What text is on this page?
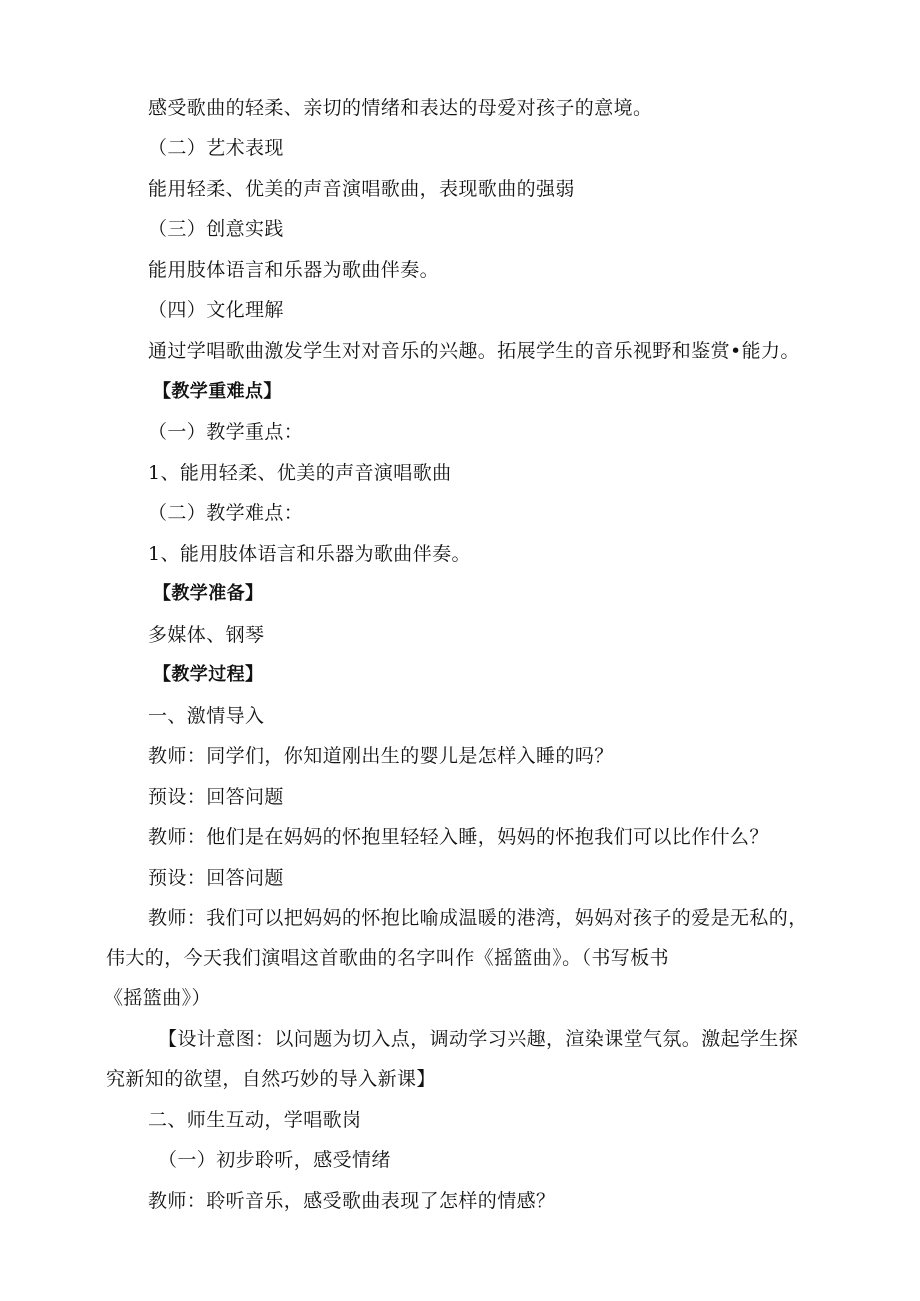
感受歌曲的轻柔、亲切的情绪和表达的母爱对孩子的意境。
（二）艺术表现
能用轻柔、优美的声音演唱歌曲，表现歌曲的强弱
（三）创意实践
能用肢体语言和乐器为歌曲伴奏。
（四）文化理解
通过学唱歌曲激发学生对对音乐的兴趣。拓展学生的音乐视野和鉴赏•能力。
【教学重难点】
（一）教学重点：
1、能用轻柔、优美的声音演唱歌曲
（二）教学难点：
1、能用肢体语言和乐器为歌曲伴奏。
【教学准备】
多媒体、钢琴
【教学过程】
一、激情导入
教师：同学们，你知道刚出生的婴儿是怎样入睡的吗？
预设：回答问题
教师：他们是在妈妈的怀抱里轻轻入睡，妈妈的怀抱我们可以比作什么？
预设：回答问题
教师：我们可以把妈妈的怀抱比喻成温暖的港湾，妈妈对孩子的爱是无私的，
伟大的，今天我们演唱这首歌曲的名字叫作《摇篮曲》。（书写板书
《摇篮曲》）
【设计意图：以问题为切入点，调动学习兴趣，渲染课堂气氛。激起学生探
究新知的欲望，自然巧妙的导入新课】
二、师生互动，学唱歌岗
（一）初步聆听，感受情绪
教师：聆听音乐，感受歌曲表现了怎样的情感？
